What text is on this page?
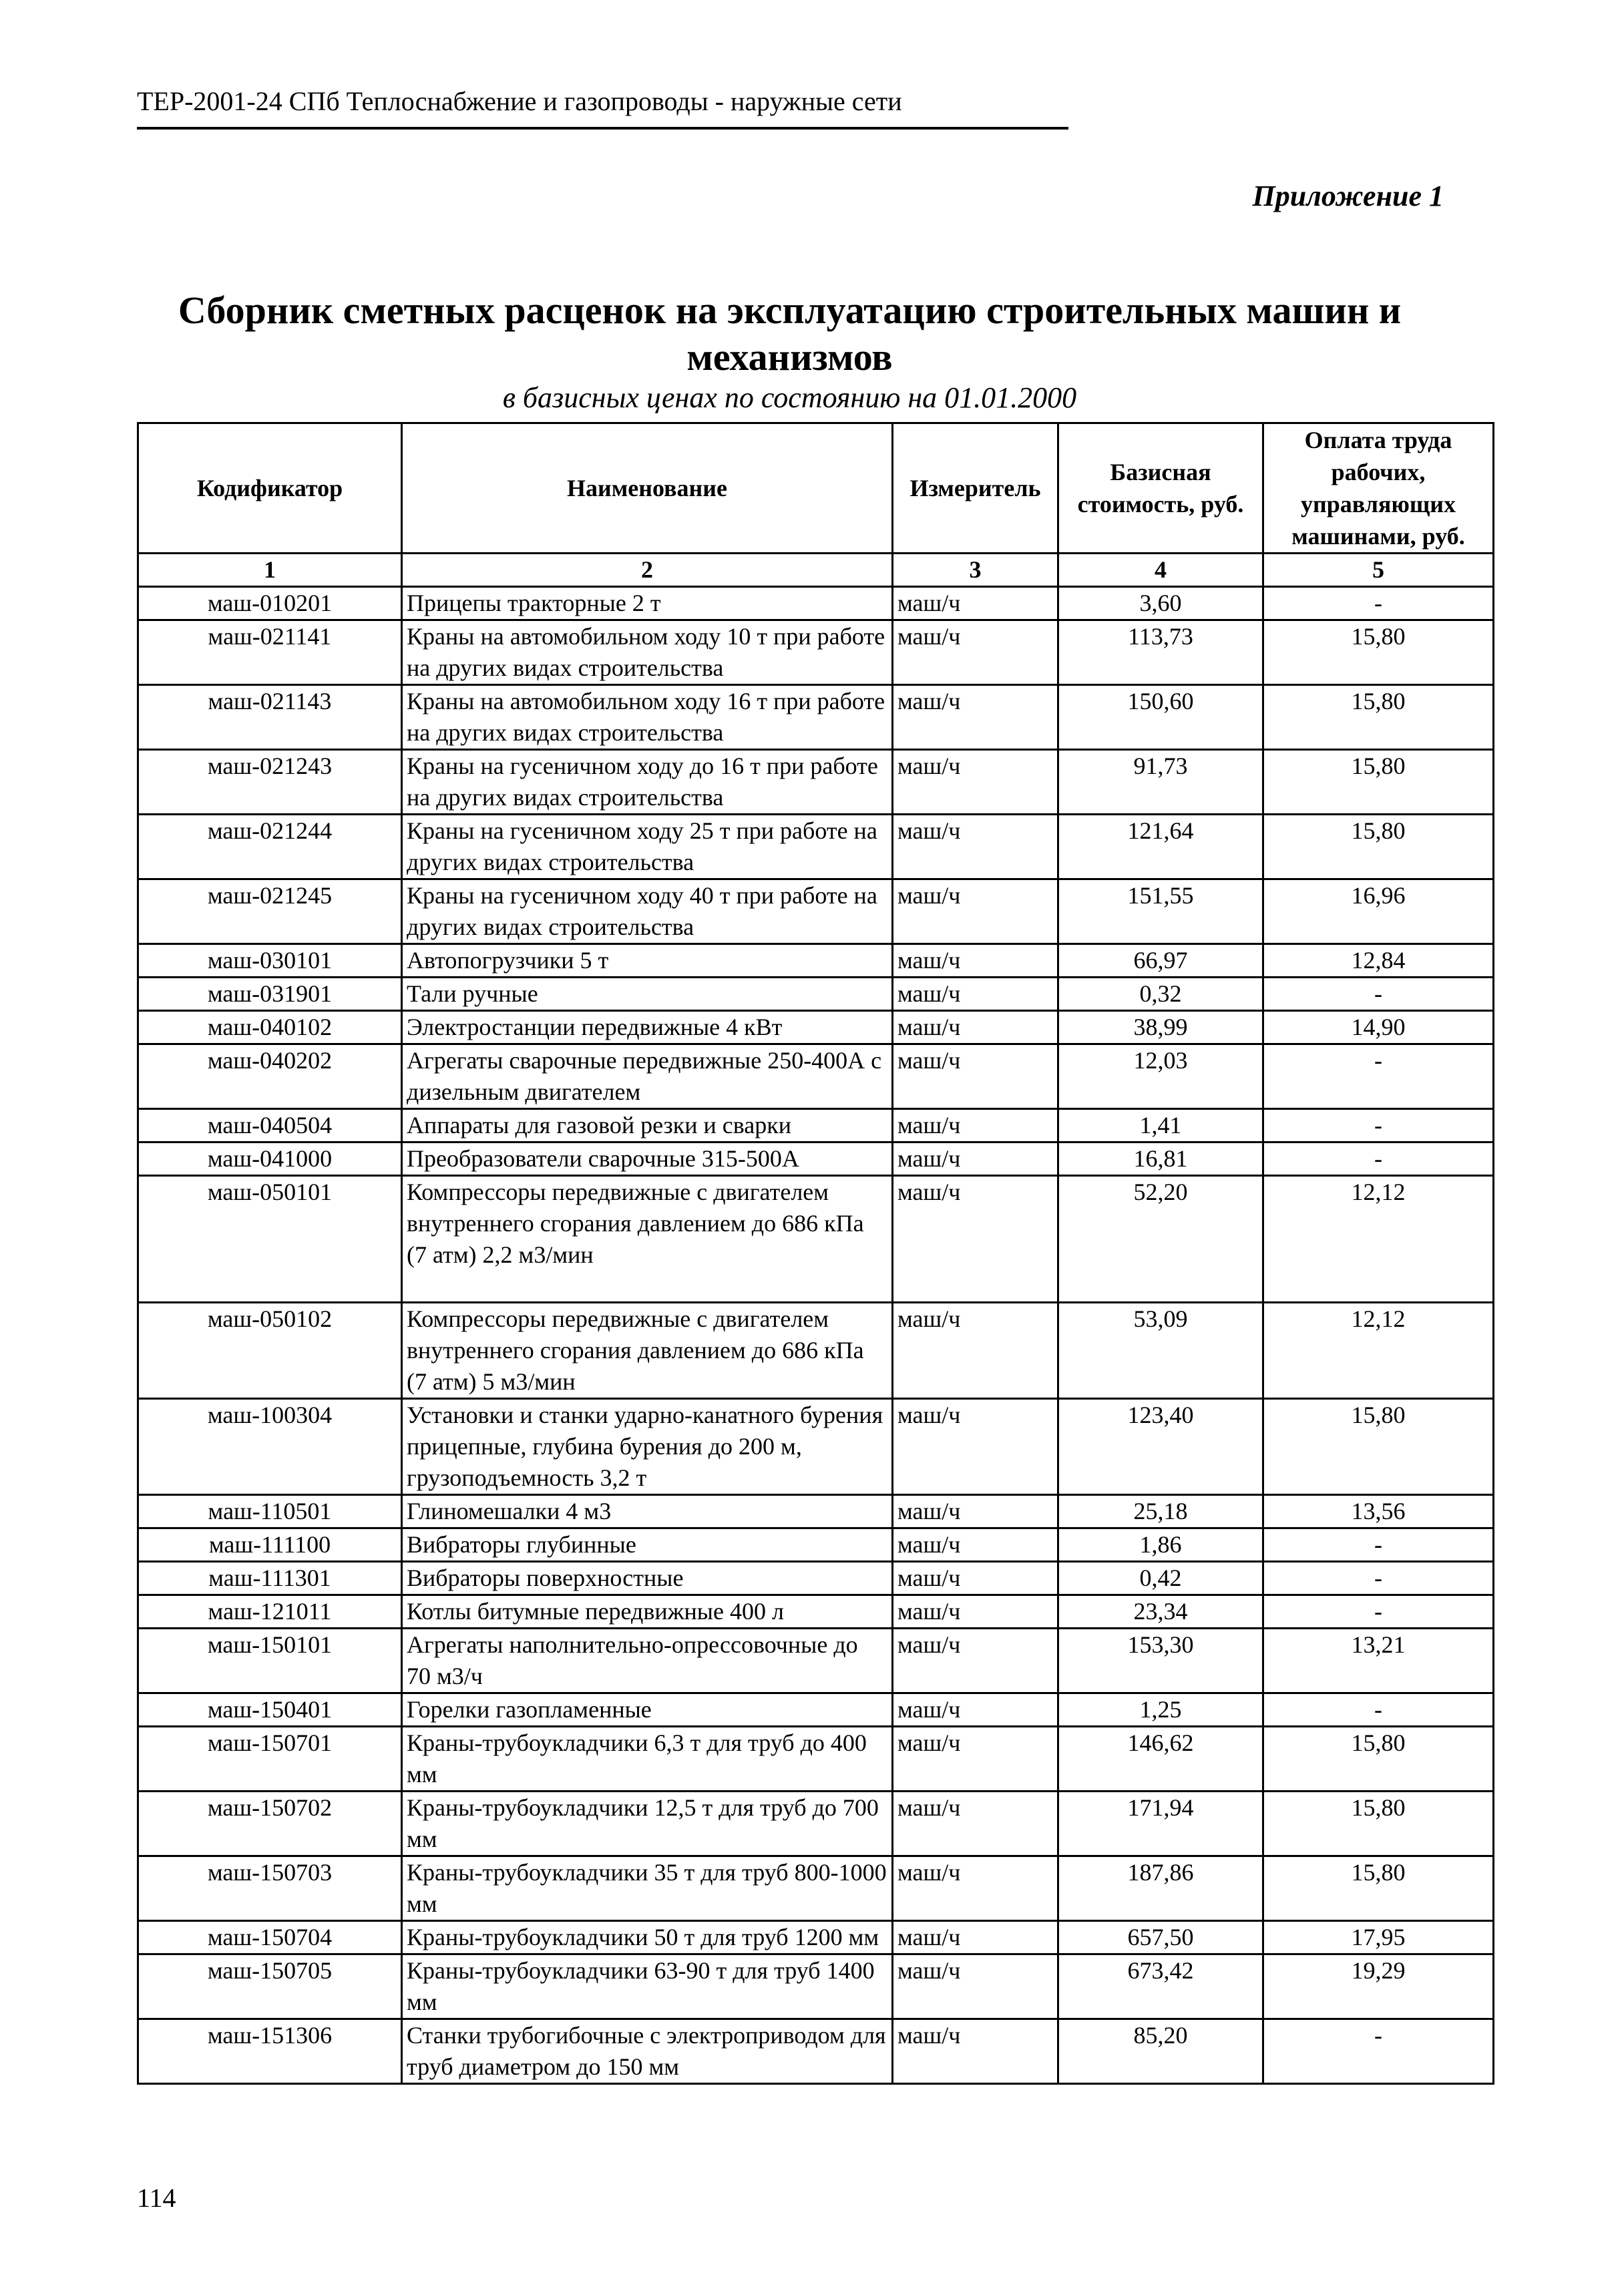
ТЕР-2001-24 СПб Теплоснабжение и газопроводы - наружные сети
Приложение 1
Сборник сметных расценок на эксплуатацию строительных машин и механизмов
в базисных ценах по состоянию на 01.01.2000
Кодификатор	Наименование	Измеритель	Базисная стоимость, руб.	Оплата труда рабочих, управляющих машинами, руб.
1	2	3	4	5
маш-010201	Прицепы тракторные 2 т	маш/ч	3,60	-
маш-021141	Краны на автомобильном ходу 10 т при работе на других видах строительства	маш/ч	113,73	15,80
маш-021143	Краны на автомобильном ходу 16 т при работе на других видах строительства	маш/ч	150,60	15,80
маш-021243	Краны на гусеничном ходу до 16 т при работе на других видах строительства	маш/ч	91,73	15,80
маш-021244	Краны на гусеничном ходу 25 т при работе на других видах строительства	маш/ч	121,64	15,80
маш-021245	Краны на гусеничном ходу 40 т при работе на других видах строительства	маш/ч	151,55	16,96
маш-030101	Автопогрузчики 5 т	маш/ч	66,97	12,84
маш-031901	Тали ручные	маш/ч	0,32	-
маш-040102	Электростанции передвижные 4 кВт	маш/ч	38,99	14,90
маш-040202	Агрегаты сварочные передвижные 250-400А с дизельным двигателем	маш/ч	12,03	-
маш-040504	Аппараты для газовой резки и сварки	маш/ч	1,41	-
маш-041000	Преобразователи сварочные 315-500А	маш/ч	16,81	-
маш-050101	Компрессоры передвижные с двигателем внутреннего сгорания давлением до 686 кПа (7 атм) 2,2 м3/мин	маш/ч	52,20	12,12
маш-050102	Компрессоры передвижные с двигателем внутреннего сгорания давлением до 686 кПа (7 атм) 5 м3/мин	маш/ч	53,09	12,12
маш-100304	Установки и станки ударно-канатного бурения прицепные, глубина бурения до 200 м, грузоподъемность 3,2 т	маш/ч	123,40	15,80
маш-110501	Глиномешалки 4 м3	маш/ч	25,18	13,56
маш-111100	Вибраторы глубинные	маш/ч	1,86	-
маш-111301	Вибраторы поверхностные	маш/ч	0,42	-
маш-121011	Котлы битумные передвижные 400 л	маш/ч	23,34	-
маш-150101	Агрегаты наполнительно-опрессовочные до 70 м3/ч	маш/ч	153,30	13,21
маш-150401	Горелки газопламенные	маш/ч	1,25	-
маш-150701	Краны-трубоукладчики 6,3 т для труб до 400 мм	маш/ч	146,62	15,80
маш-150702	Краны-трубоукладчики 12,5 т для труб до 700 мм	маш/ч	171,94	15,80
маш-150703	Краны-трубоукладчики 35 т для труб 800-1000 мм	маш/ч	187,86	15,80
маш-150704	Краны-трубоукладчики 50 т для труб 1200 мм	маш/ч	657,50	17,95
маш-150705	Краны-трубоукладчики 63-90 т для труб 1400 мм	маш/ч	673,42	19,29
маш-151306	Станки трубогибочные с электроприводом для труб диаметром до 150 мм	маш/ч	85,20	-
114
